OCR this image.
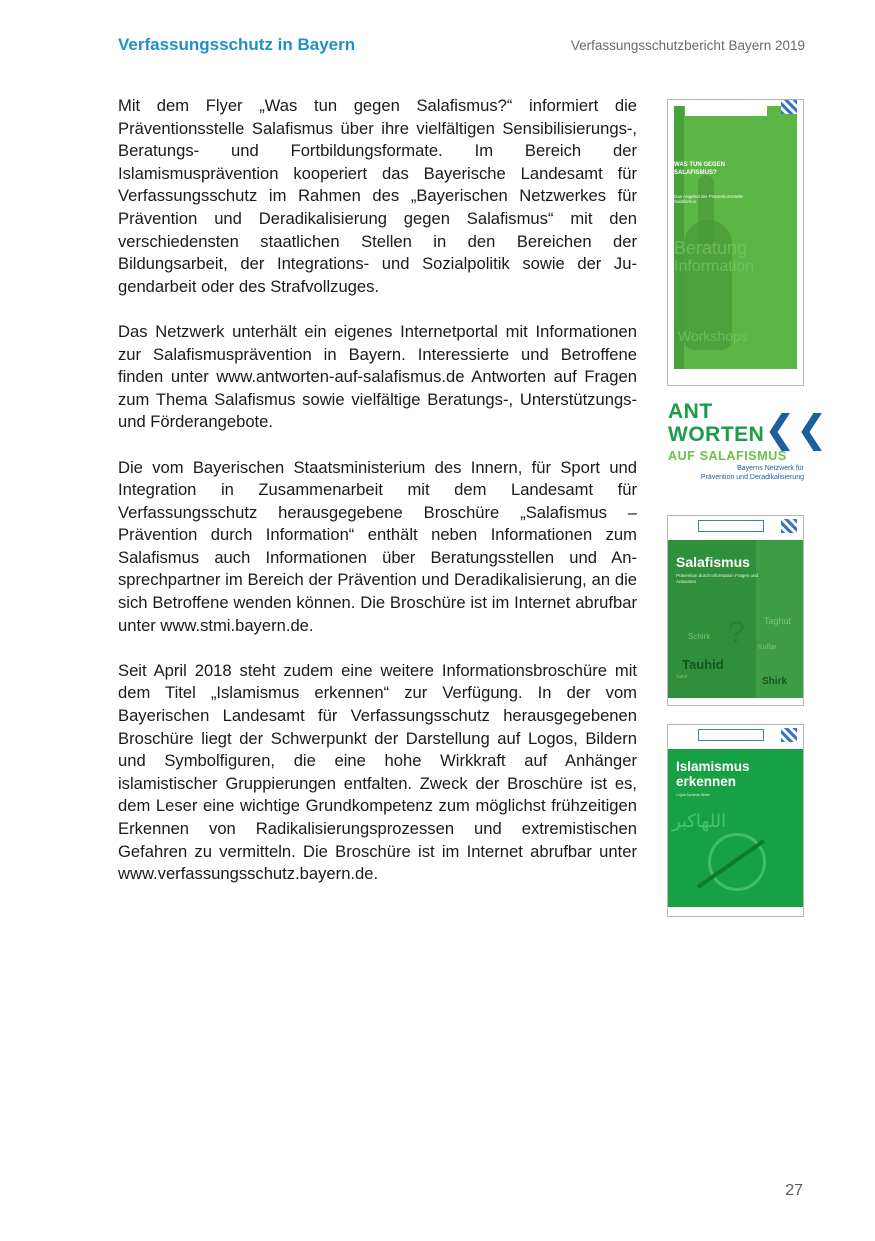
Verfassungsschutz in Bayern	Verfassungsschutzbericht Bayern 2019

Mit dem Flyer „Was tun gegen Salafismus?“ informiert die Präventionsstelle Salafismus über ihre vielfältigen Sensibilisierungs-, Beratungs- und Fortbildungsformate. Im Bereich der Islamismusprävention kooperiert das Bayerische Landesamt für Verfassungsschutz im Rahmen des „Bayerischen Netzwerkes für Prävention und Deradikalisierung gegen Salafismus“ mit den verschiedensten staatlichen Stellen in den Bereichen der Bildungsarbeit, der Integrations- und Sozialpolitik sowie der Jugendarbeit oder des Strafvollzuges.

Das Netzwerk unterhält ein eigenes Internetportal mit Informationen zur Salafismusprävention in Bayern. Interessierte und Betroffene finden unter www.antworten-auf-salafismus.de Antworten auf Fragen zum Thema Salafismus sowie vielfältige Beratungs-, Unterstützungs- und Förderangebote.

Die vom Bayerischen Staatsministerium des Innern, für Sport und Integration in Zusammenarbeit mit dem Landesamt für Verfassungsschutz herausgegebene Broschüre „Salafismus – Prävention durch Information“ enthält neben Informationen zum Salafismus auch Informationen über Beratungsstellen und Ansprechpartner im Bereich der Prävention und Deradikalisierung, an die sich Betroffene wenden können. Die Broschüre ist im Internet abrufbar unter www.stmi.bayern.de.

Seit April 2018 steht zudem eine weitere Informationsbroschüre mit dem Titel „Islamismus erkennen“ zur Verfügung. In der vom Bayerischen Landesamt für Verfassungsschutz herausgegebenen Broschüre liegt der Schwerpunkt der Darstellung auf Logos, Bildern und Symbolfiguren, die eine hohe Wirkkraft auf Anhänger islamistischer Gruppierungen entfalten. Zweck der Broschüre ist es, dem Leser eine wichtige Grundkompetenz zum möglichst frühzeitigen Erkennen von Radikalisierungsprozessen und extremistischen Gefahren zu vermitteln. Die Broschüre ist im Internet abrufbar unter www.verfassungsschutz.bayern.de.

WAS TUN GEGEN SALAFISMUS?
Das Angebot der Präventionsstelle Salafismus
Beratung
Information
Workshops
ANT
WORTEN ❮❮
AUF SALAFISMUS
Bayerns Netzwerk für
Prävention und Deradikalisierung
Salafismus
Prävention durch Information Fragen und Antworten
? Taghut
Schirk
Kuffar
Tauhid
Shirk
Salaf
Islamismus
erkennen
Logos Symbole Bilder
اللهاكبر
27
